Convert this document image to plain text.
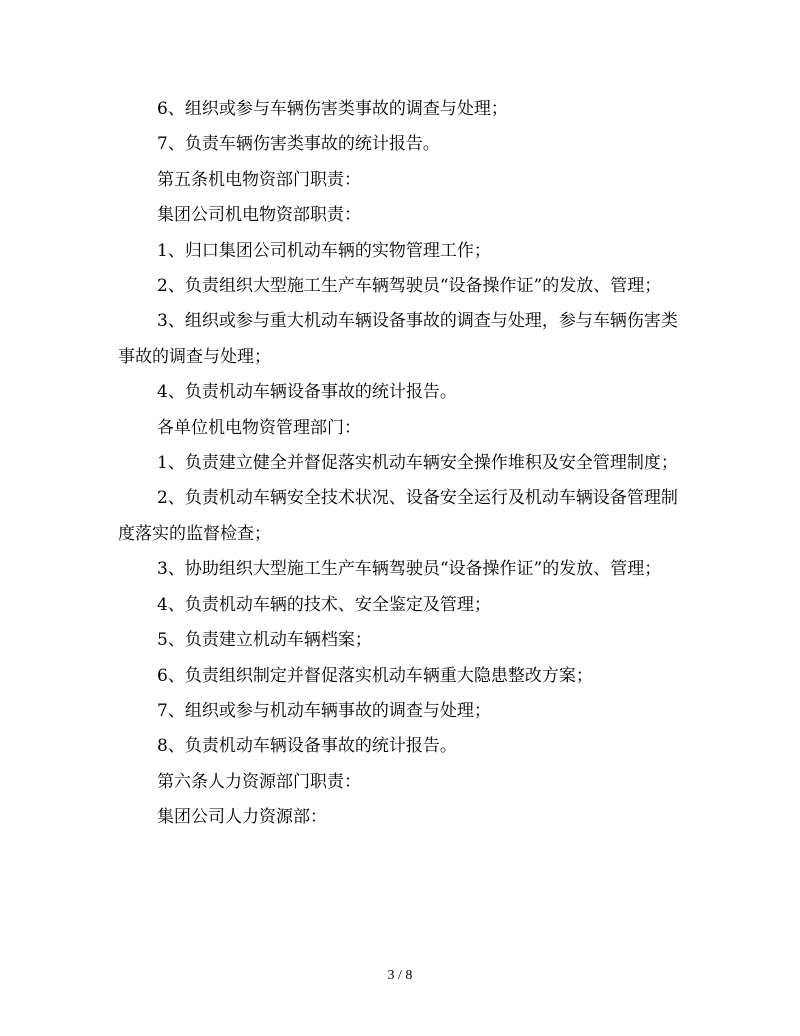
6、组织或参与车辆伤害类事故的调查与处理；

7、负责车辆伤害类事故的统计报告。

第五条机电物资部门职责：

集团公司机电物资部职责：

1、归口集团公司机动车辆的实物管理工作；

2、负责组织大型施工生产车辆驾驶员“设备操作证”的发放、管理；

3、组织或参与重大机动车辆设备事故的调查与处理，参与车辆伤害类事故的调查与处理；

4、负责机动车辆设备事故的统计报告。

各单位机电物资管理部门：

1、负责建立健全并督促落实机动车辆安全操作堆积及安全管理制度；

2、负责机动车辆安全技术状况、设备安全运行及机动车辆设备管理制度落实的监督检查；

3、协助组织大型施工生产车辆驾驶员“设备操作证”的发放、管理；

4、负责机动车辆的技术、安全鉴定及管理；

5、负责建立机动车辆档案；

6、负责组织制定并督促落实机动车辆重大隐患整改方案；

7、组织或参与机动车辆事故的调查与处理；

8、负责机动车辆设备事故的统计报告。

第六条人力资源部门职责：

集团公司人力资源部：

3 / 8
